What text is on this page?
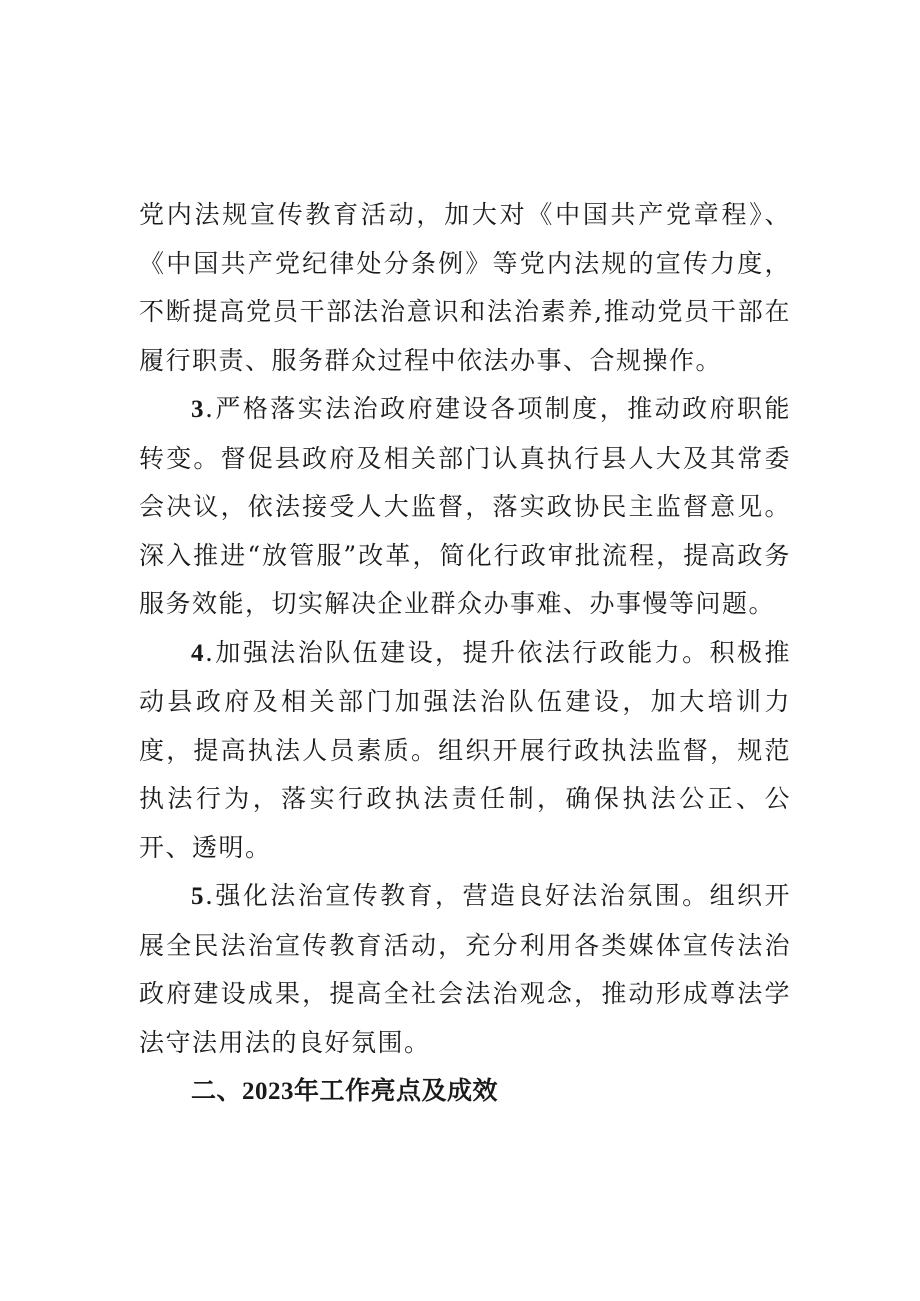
党内法规宣传教育活动，加大对《中国共产党章程》、《中国共产党纪律处分条例》等党内法规的宣传力度，不断提高党员干部法治意识和法治素养,推动党员干部在履行职责、服务群众过程中依法办事、合规操作。

3.严格落实法治政府建设各项制度，推动政府职能转变。督促县政府及相关部门认真执行县人大及其常委会决议，依法接受人大监督，落实政协民主监督意见。深入推进“放管服”改革，简化行政审批流程，提高政务服务效能，切实解决企业群众办事难、办事慢等问题。

4.加强法治队伍建设，提升依法行政能力。积极推动县政府及相关部门加强法治队伍建设，加大培训力度，提高执法人员素质。组织开展行政执法监督，规范执法行为，落实行政执法责任制，确保执法公正、公开、透明。

5.强化法治宣传教育，营造良好法治氛围。组织开展全民法治宣传教育活动，充分利用各类媒体宣传法治政府建设成果，提高全社会法治观念，推动形成尊法学法守法用法的良好氛围。

二、2023年工作亮点及成效
